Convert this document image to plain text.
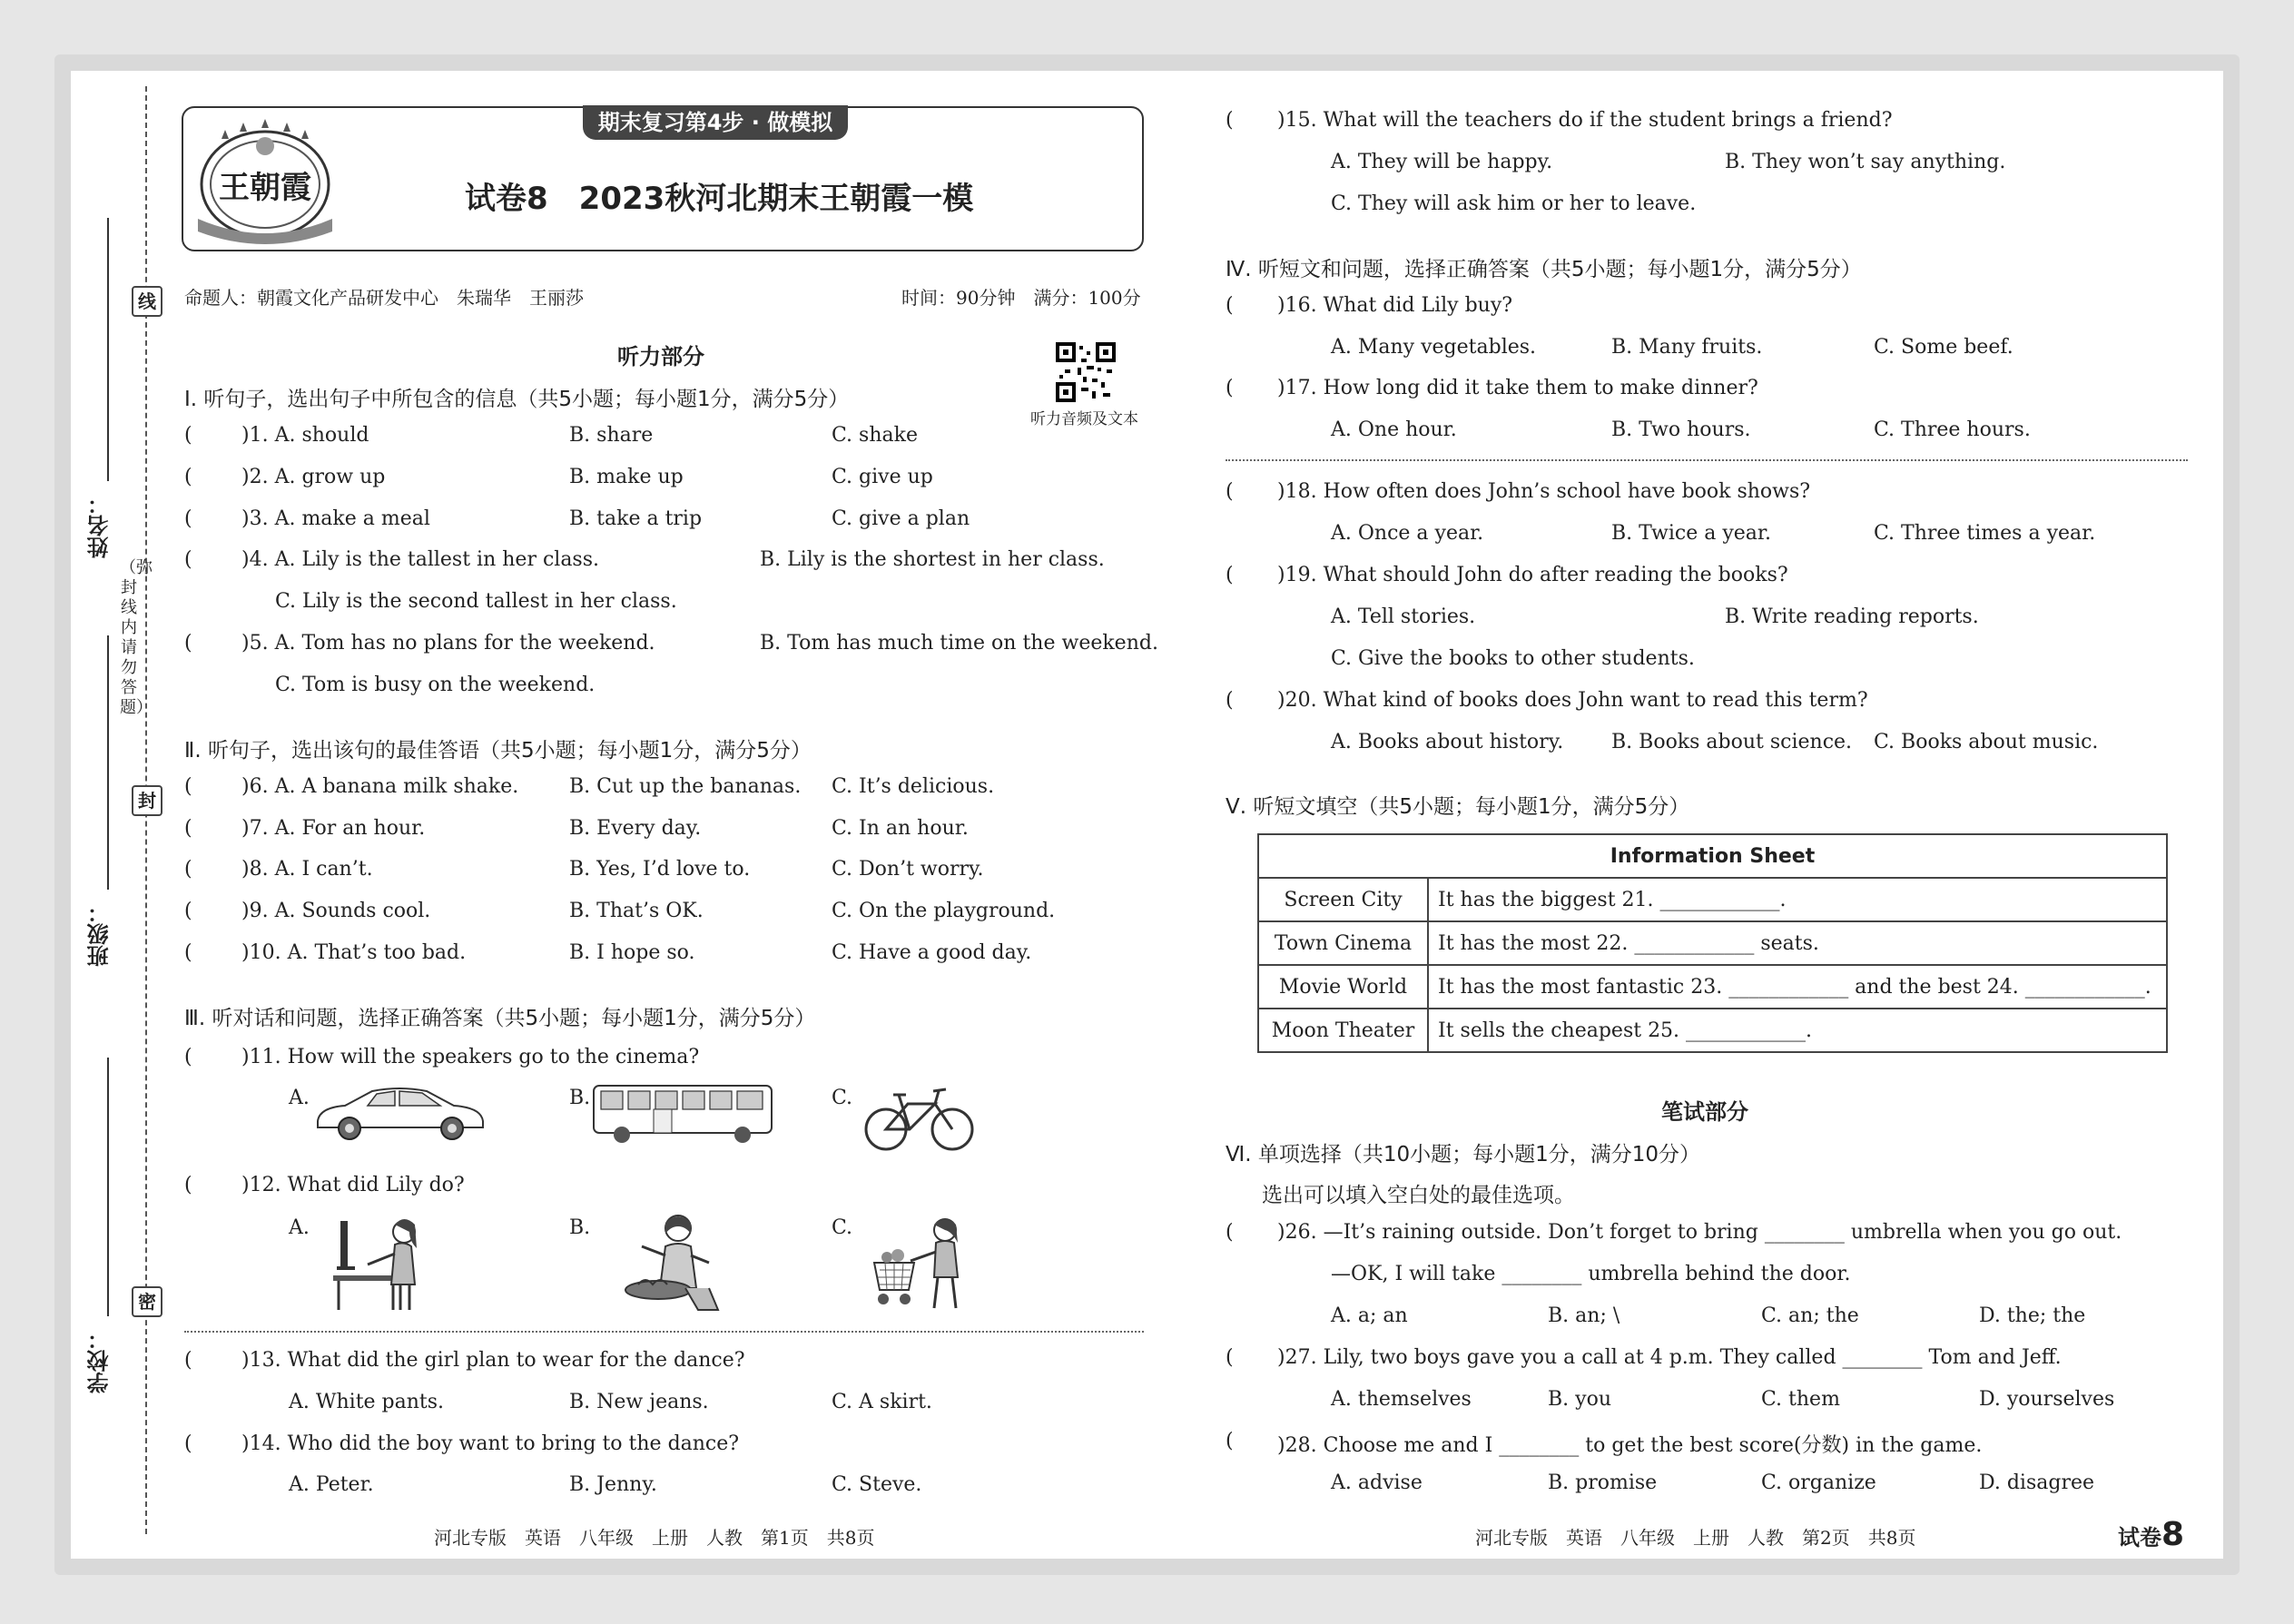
线
封
密
（弥封线内请勿答题）
姓名：
班级：
学校：
期末复习第4步 · 做模拟
王朝霞	试卷8　2023秋河北期末王朝霞一模
命题人：朝霞文化产品研发中心　朱瑞华　王丽莎	时间：90分钟　满分：100分
听力音频及文本
听力部分
Ⅰ. 听句子，选出句子中所包含的信息（共5小题；每小题1分，满分5分）
( )1. A. should	B. share	C. shake
( )2. A. grow up	B. make up	C. give up
( )3. A. make a meal	B. take a trip	C. give a plan
( )4. A. Lily is the tallest in her class.	B. Lily is the shortest in her class.
C. Lily is the second tallest in her class.
( )5. A. Tom has no plans for the weekend.	B. Tom has much time on the weekend.
C. Tom is busy on the weekend.
Ⅱ. 听句子，选出该句的最佳答语（共5小题；每小题1分，满分5分）
( )6. A. A banana milk shake.	B. Cut up the bananas. C. It’s delicious.
( )7. A. For an hour.	B. Every day.	C. In an hour.
( )8. A. I can’t.	B. Yes, I’d love to.	C. Don’t worry.
( )9. A. Sounds cool.	B. That’s OK.	C. On the playground.
( )10. A. That’s too bad.	B. I hope so.	C. Have a good day.
Ⅲ. 听对话和问题，选择正确答案（共5小题；每小题1分，满分5分）
( )11. How will the speakers go to the cinema?
A.	B.	C.
( )12. What did Lily do?
A.	B.	C.
( )13. What did the girl plan to wear for the dance?
A. White pants.	B. New jeans.	C. A skirt.
( )14. Who did the boy want to bring to the dance?
A. Peter.	B. Jenny.	C. Steve.
河北专版　英语　八年级　上册　人教　第1页　共8页
( )15. What will the teachers do if the student brings a friend?
A. They will be happy.	B. They won’t say anything.
C. They will ask him or her to leave.
Ⅳ. 听短文和问题，选择正确答案（共5小题；每小题1分，满分5分）
( )16. What did Lily buy?
A. Many vegetables.	B. Many fruits.	C. Some beef.
( )17. How long did it take them to make dinner?
A. One hour.	B. Two hours.	C. Three hours.
( )18. How often does John’s school have book shows?
A. Once a year.	B. Twice a year.	C. Three times a year.
( )19. What should John do after reading the books?
A. Tell stories.	B. Write reading reports.
C. Give the books to other students.
( )20. What kind of books does John want to read this term?
A. Books about history. B. Books about science. C. Books about music.
Ⅴ. 听短文填空（共5小题；每小题1分，满分5分）
Information Sheet	
Screen City	It has the biggest 21. ____________.
Town Cinema	It has the most 22. ____________ seats.
Movie World	It has the most fantastic 23. ____________ and the best 24. ____________.
Moon Theater	It sells the cheapest 25. ____________.
笔试部分
Ⅵ. 单项选择（共10小题；每小题1分，满分10分）
选出可以填入空白处的最佳选项。
( )26. —It’s raining outside. Don’t forget to bring ________ umbrella when you go out.
—OK, I will take ________ umbrella behind the door.
A. a; an	B. an; \	C. an; the	D. the; the
( )27. Lily, two boys gave you a call at 4 p.m. They called ________ Tom and Jeff.
A. themselves	B. you	C. them	D. yourselves
( )28. Choose me and I ________ to get the best score(分数) in the game.
A. advise	B. promise	C. organize	D. disagree
河北专版　英语　八年级　上册　人教　第2页　共8页	试卷8
